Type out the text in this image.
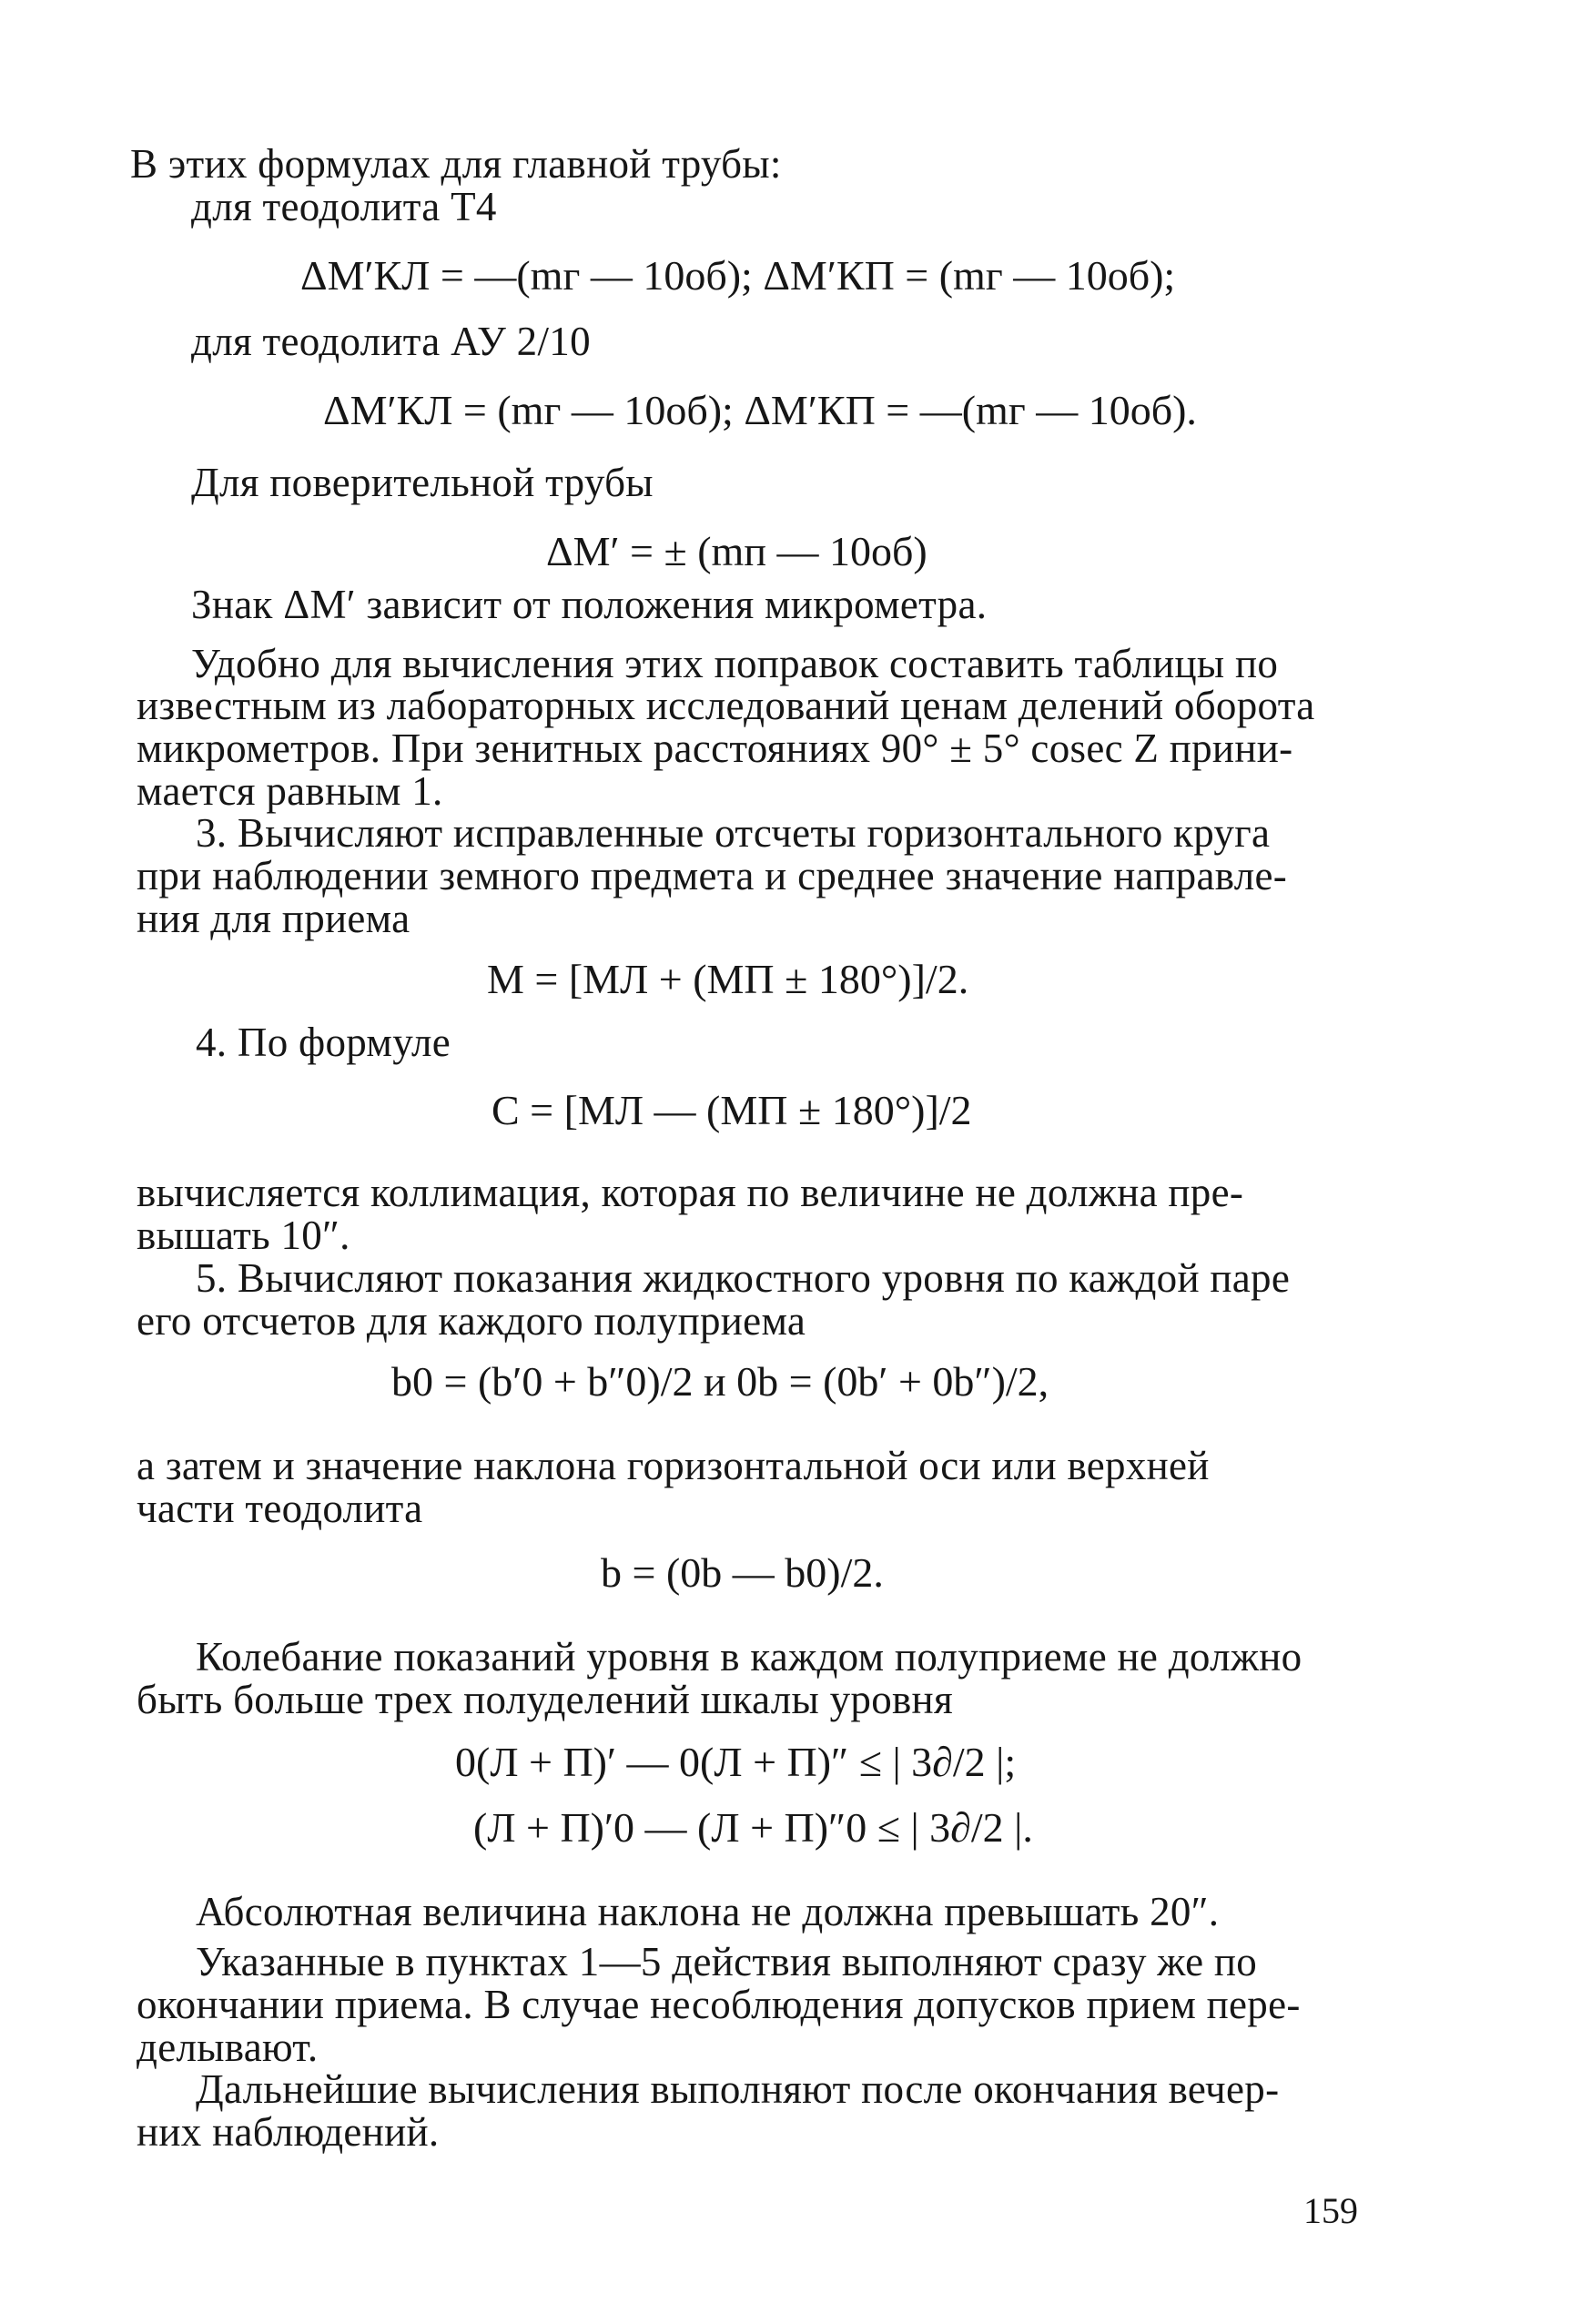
В этих формулах для главной трубы:
для теодолита Т4
ΔM′КЛ = —(mг — 10об); ΔM′КП = (mг — 10об);
для теодолита АУ 2/10
ΔM′КЛ = (mг — 10об); ΔM′КП = —(mг — 10об).
Для поверительной трубы
ΔM′ = ± (mп — 10об)
Знак ΔM′ зависит от положения микрометра.
Удобно для вычисления этих поправок составить таблицы по
известным из лабораторных исследований ценам делений оборота
микрометров. При зенитных расстояниях 90° ± 5° cosec Z прини-
мается равным 1.
3. Вычисляют исправленные отсчеты горизонтального круга
при наблюдении земного предмета и среднее значение направле-
ния для приема
M = [МЛ + (МП ± 180°)]/2.
4. По формуле
C = [МЛ — (МП ± 180°)]/2
вычисляется коллимация, которая по величине не должна пре-
вышать 10″.
5. Вычисляют показания жидкостного уровня по каждой паре
его отсчетов для каждого полуприема
b0 = (b′0 + b″0)/2 и 0b = (0b′ + 0b″)/2,
а затем и значение наклона горизонтальной оси или верхней
части теодолита
b = (0b — b0)/2.
Колебание показаний уровня в каждом полуприеме не должно
быть больше трех полуделений шкалы уровня
0(Л + П)′ — 0(Л + П)″ ≤ | 3∂/2 |;
(Л + П)′0 — (Л + П)″0 ≤ | 3∂/2 |.
Абсолютная величина наклона не должна превышать 20″.
Указанные в пунктах 1—5 действия выполняют сразу же по
окончании приема. В случае несоблюдения допусков прием пере-
делывают.
Дальнейшие вычисления выполняют после окончания вечер-
них наблюдений.
159
